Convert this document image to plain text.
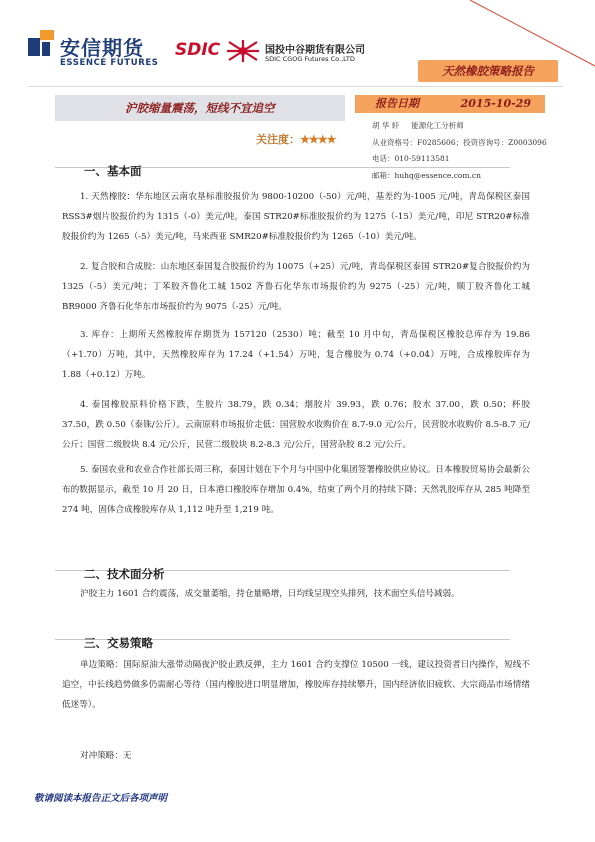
安信期货
ESSENCE FUTURES
SDIC	国投中谷期货有限公司
SDIC CGOG Futures Co.,LTD
天然橡胶策略报告
沪胶缩量震荡，短线不宜追空	报告日期	2015-10-29
关注度：★★★★
胡 华 轩 能源化工分析师
从业资格号：F0285606；投资咨询号：Z0003096
电话：010-59113581
邮箱：huhq@essence.com.cn
一、基本面
1. 天然橡胶：华东地区云南农垦标准胶报价为 9800-10200（-50）元/吨，基差约为-1005 元/吨，青岛保税区泰国 RSS3#烟片胶报价约为 1315（-0）美元/吨，泰国 STR20#标准胶报价约为 1275（-15）美元/吨，印尼 STR20#标准胶报价约为 1265（-5）美元/吨，马来西亚 SMR20#标准胶报价约为 1265（-10）美元/吨。
2. 复合胶和合成胶：山东地区泰国复合胶报价约为 10075（+25）元/吨，青岛保税区泰国 STR20#复合胶报价约为 1325（-5）美元/吨；丁苯胶齐鲁化工城 1502 齐鲁石化华东市场报价约为 9275（-25）元/吨，顺丁胶齐鲁化工城 BR9000 齐鲁石化华东市场报价约为 9075（-25）元/吨。
3. 库存：上期所天然橡胶库存期货为 157120（2530）吨；截至 10 月中旬，青岛保税区橡胶总库存为 19.86（+1.70）万吨，其中，天然橡胶库存为 17.24（+1.54）万吨，复合橡胶为 0.74（+0.04）万吨，合成橡胶库存为 1.88（+0.12）万吨。
4. 泰国橡胶原料价格下跌，生胶片 38.79，跌 0.34；烟胶片 39.93，跌 0.76；胶水 37.00，跌 0.50；杯胶 37.50，跌 0.50（泰铢/公斤）。云南原料市场报价走低：国营胶水收购价在 8.7-9.0 元/公斤，民营胶水收购价 8.5-8.7 元/公斤；国营二级胶块 8.4 元/公斤，民营二级胶块 8.2-8.3 元/公斤，国营杂胶 8.2 元/公斤。
5. 泰国农业和农业合作社部长周三称，泰国计划在下个月与中国中化集团签署橡胶供应协议。日本橡胶贸易协会最新公布的数据显示，截至 10 月 20 日，日本港口橡胶库存增加 0.4%，结束了两个月的持续下降；天然乳胶库存从 285 吨降至 274 吨，固体合成橡胶库存从 1,112 吨升至 1,219 吨。
二、技术面分析
沪胶主力 1601 合约震荡，成交量萎缩，持仓量略增，日均线呈现空头排列，技术面空头信号减弱。
三、交易策略
单边策略：国际原油大涨带动隔夜沪胶止跌反弹，主力 1601 合约支撑位 10500 一线，建议投资者日内操作，短线不追空，中长线趋势做多仍需耐心等待（国内橡胶进口明显增加，橡胶库存持续攀升，国内经济依旧疲软、大宗商品市场情绪低迷等）。
对冲策略：无
敬请阅读本报告正文后各项声明
